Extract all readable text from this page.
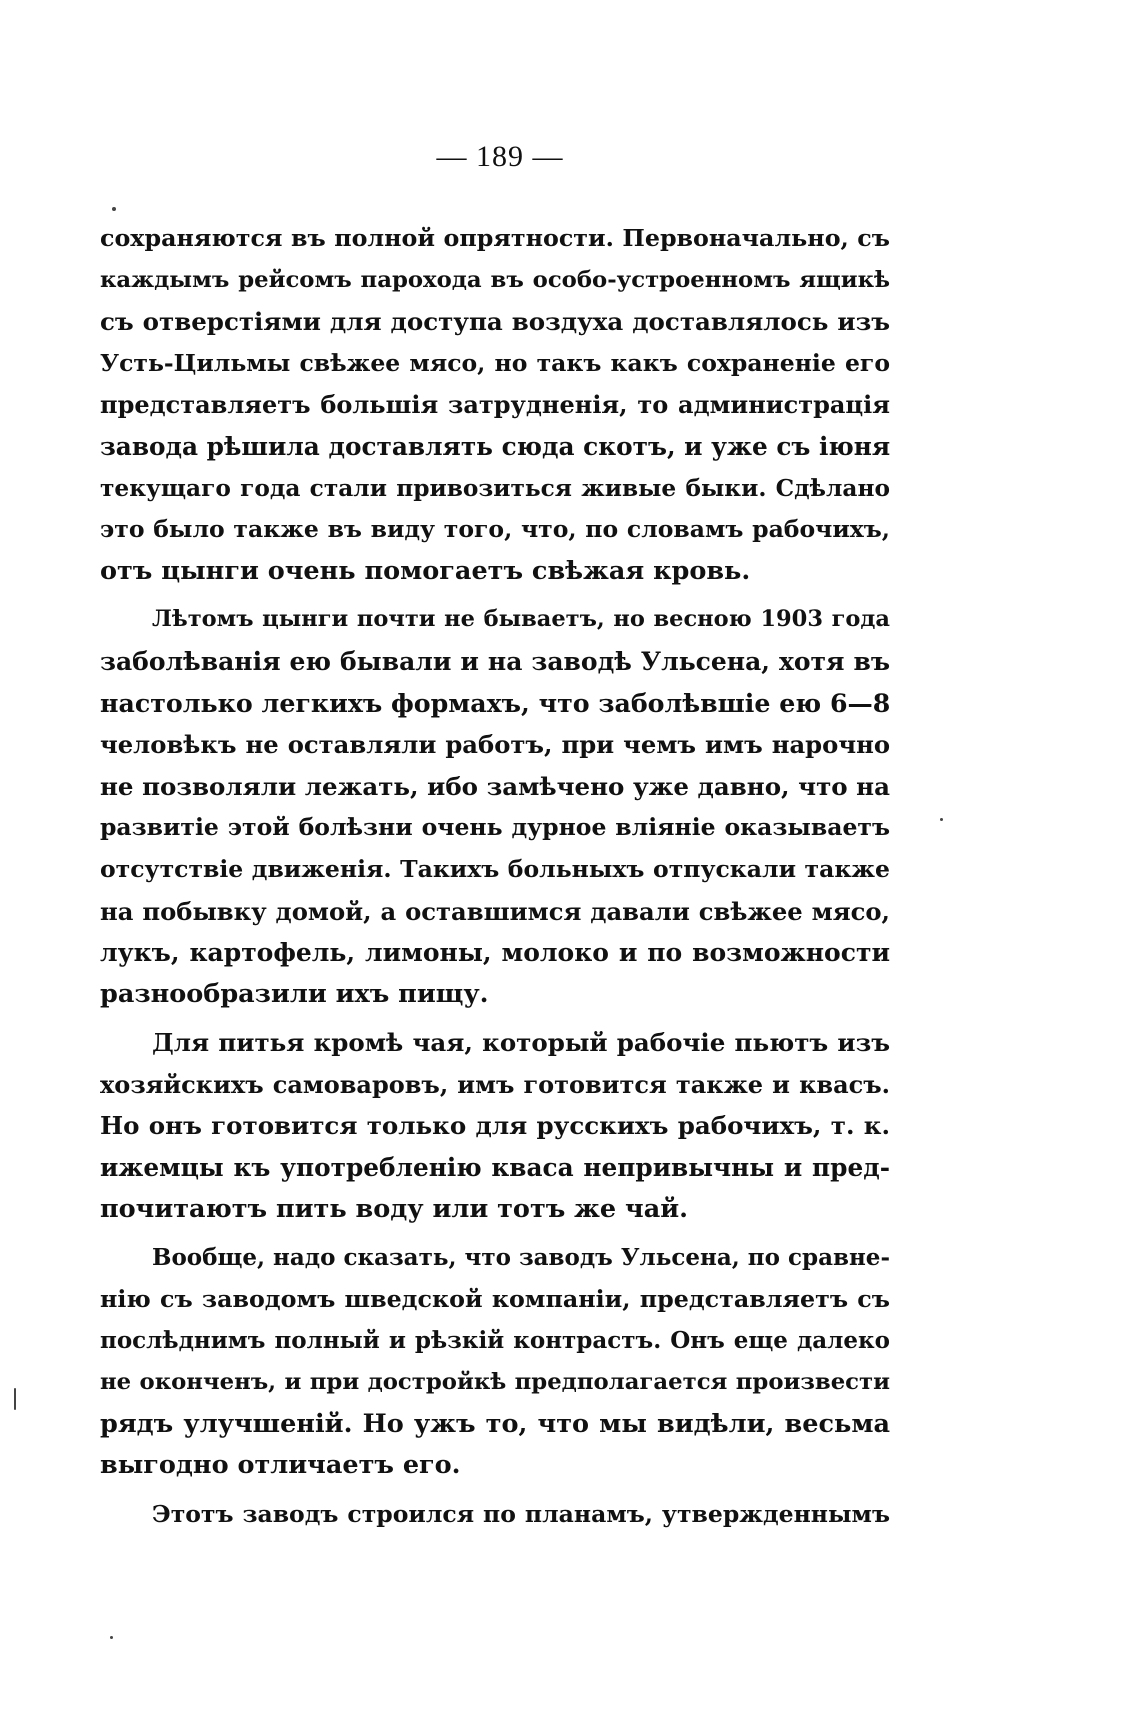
— 189 —
сохраняются въ полной опрятности. Первоначально, съ
каждымъ рейсомъ парохода въ особо-устроенномъ ящикѣ
съ отверстіями для доступа воздуха доставлялось изъ
Усть-Цильмы свѣжее мясо, но такъ какъ сохраненіе его
представляетъ большія затрудненія, то администрація
завода рѣшила доставлять сюда скотъ, и уже съ іюня
текущаго года стали привозиться живые быки. Сдѣлано
это было также въ виду того, что, по словамъ рабочихъ,
отъ цынги очень помогаетъ свѣжая кровь.
Лѣтомъ цынги почти не бываетъ, но весною 1903 года
заболѣванія ею бывали и на заводѣ Ульсена, хотя въ
настолько легкихъ формахъ, что заболѣвшіе ею 6—8
человѣкъ не оставляли работъ, при чемъ имъ нарочно
не позволяли лежать, ибо замѣчено уже давно, что на
развитіе этой болѣзни очень дурное вліяніе оказываетъ
отсутствіе движенія. Такихъ больныхъ отпускали также
на побывку домой, а оставшимся давали свѣжее мясо,
лукъ, картофель, лимоны, молоко и по возможности
разнообразили ихъ пищу.
Для питья кромѣ чая, который рабочіе пьютъ изъ
хозяйскихъ самоваровъ, имъ готовится также и квасъ.
Но онъ готовится только для русскихъ рабочихъ, т. к.
ижемцы къ употребленію кваса непривычны и пред-
почитаютъ пить воду или тотъ же чай.
Вообще, надо сказать, что заводъ Ульсена, по сравне-
нію съ заводомъ шведской компаніи, представляетъ съ
послѣднимъ полный и рѣзкій контрастъ. Онъ еще далеко
не оконченъ, и при достройкѣ предполагается произвести
рядъ улучшеній. Но ужъ то, что мы видѣли, весьма
выгодно отличаетъ его.
Этотъ заводъ строился по планамъ, утвержденнымъ
